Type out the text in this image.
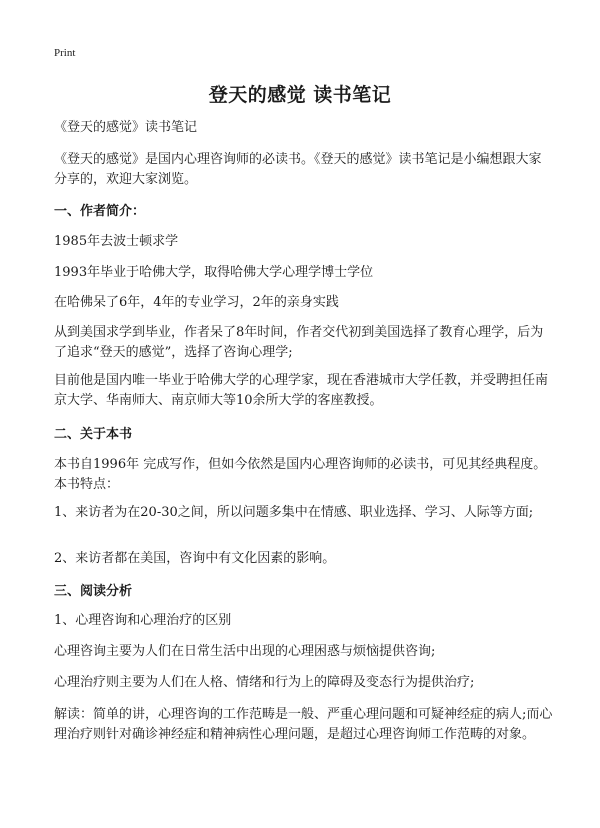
Print
登天的感觉 读书笔记
《登天的感觉》读书笔记
《登天的感觉》是国内心理咨询师的必读书。《登天的感觉》读书笔记是小编想跟大家分享的，欢迎大家浏览。
一、作者简介：
1985年去波士顿求学
1993年毕业于哈佛大学，取得哈佛大学心理学博士学位
在哈佛呆了6年，4年的专业学习，2年的亲身实践
从到美国求学到毕业，作者呆了8年时间，作者交代初到美国选择了教育心理学，后为了追求“登天的感觉”，选择了咨询心理学;
目前他是国内唯一毕业于哈佛大学的心理学家，现在香港城市大学任教，并受聘担任南京大学、华南师大、南京师大等10余所大学的客座教授。
二、关于本书
本书自1996年 完成写作，但如今依然是国内心理咨询师的必读书，可见其经典程度。本书特点：
1、来访者为在20-30之间，所以问题多集中在情感、职业选择、学习、人际等方面;
2、来访者都在美国，咨询中有文化因素的影响。
三、阅读分析
1、心理咨询和心理治疗的区别
心理咨询主要为人们在日常生活中出现的心理困惑与烦恼提供咨询;
心理治疗则主要为人们在人格、情绪和行为上的障碍及变态行为提供治疗;
解读：简单的讲，心理咨询的工作范畴是一般、严重心理问题和可疑神经症的病人;而心理治疗则针对确诊神经症和精神病性心理问题，是超过心理咨询师工作范畴的对象。
